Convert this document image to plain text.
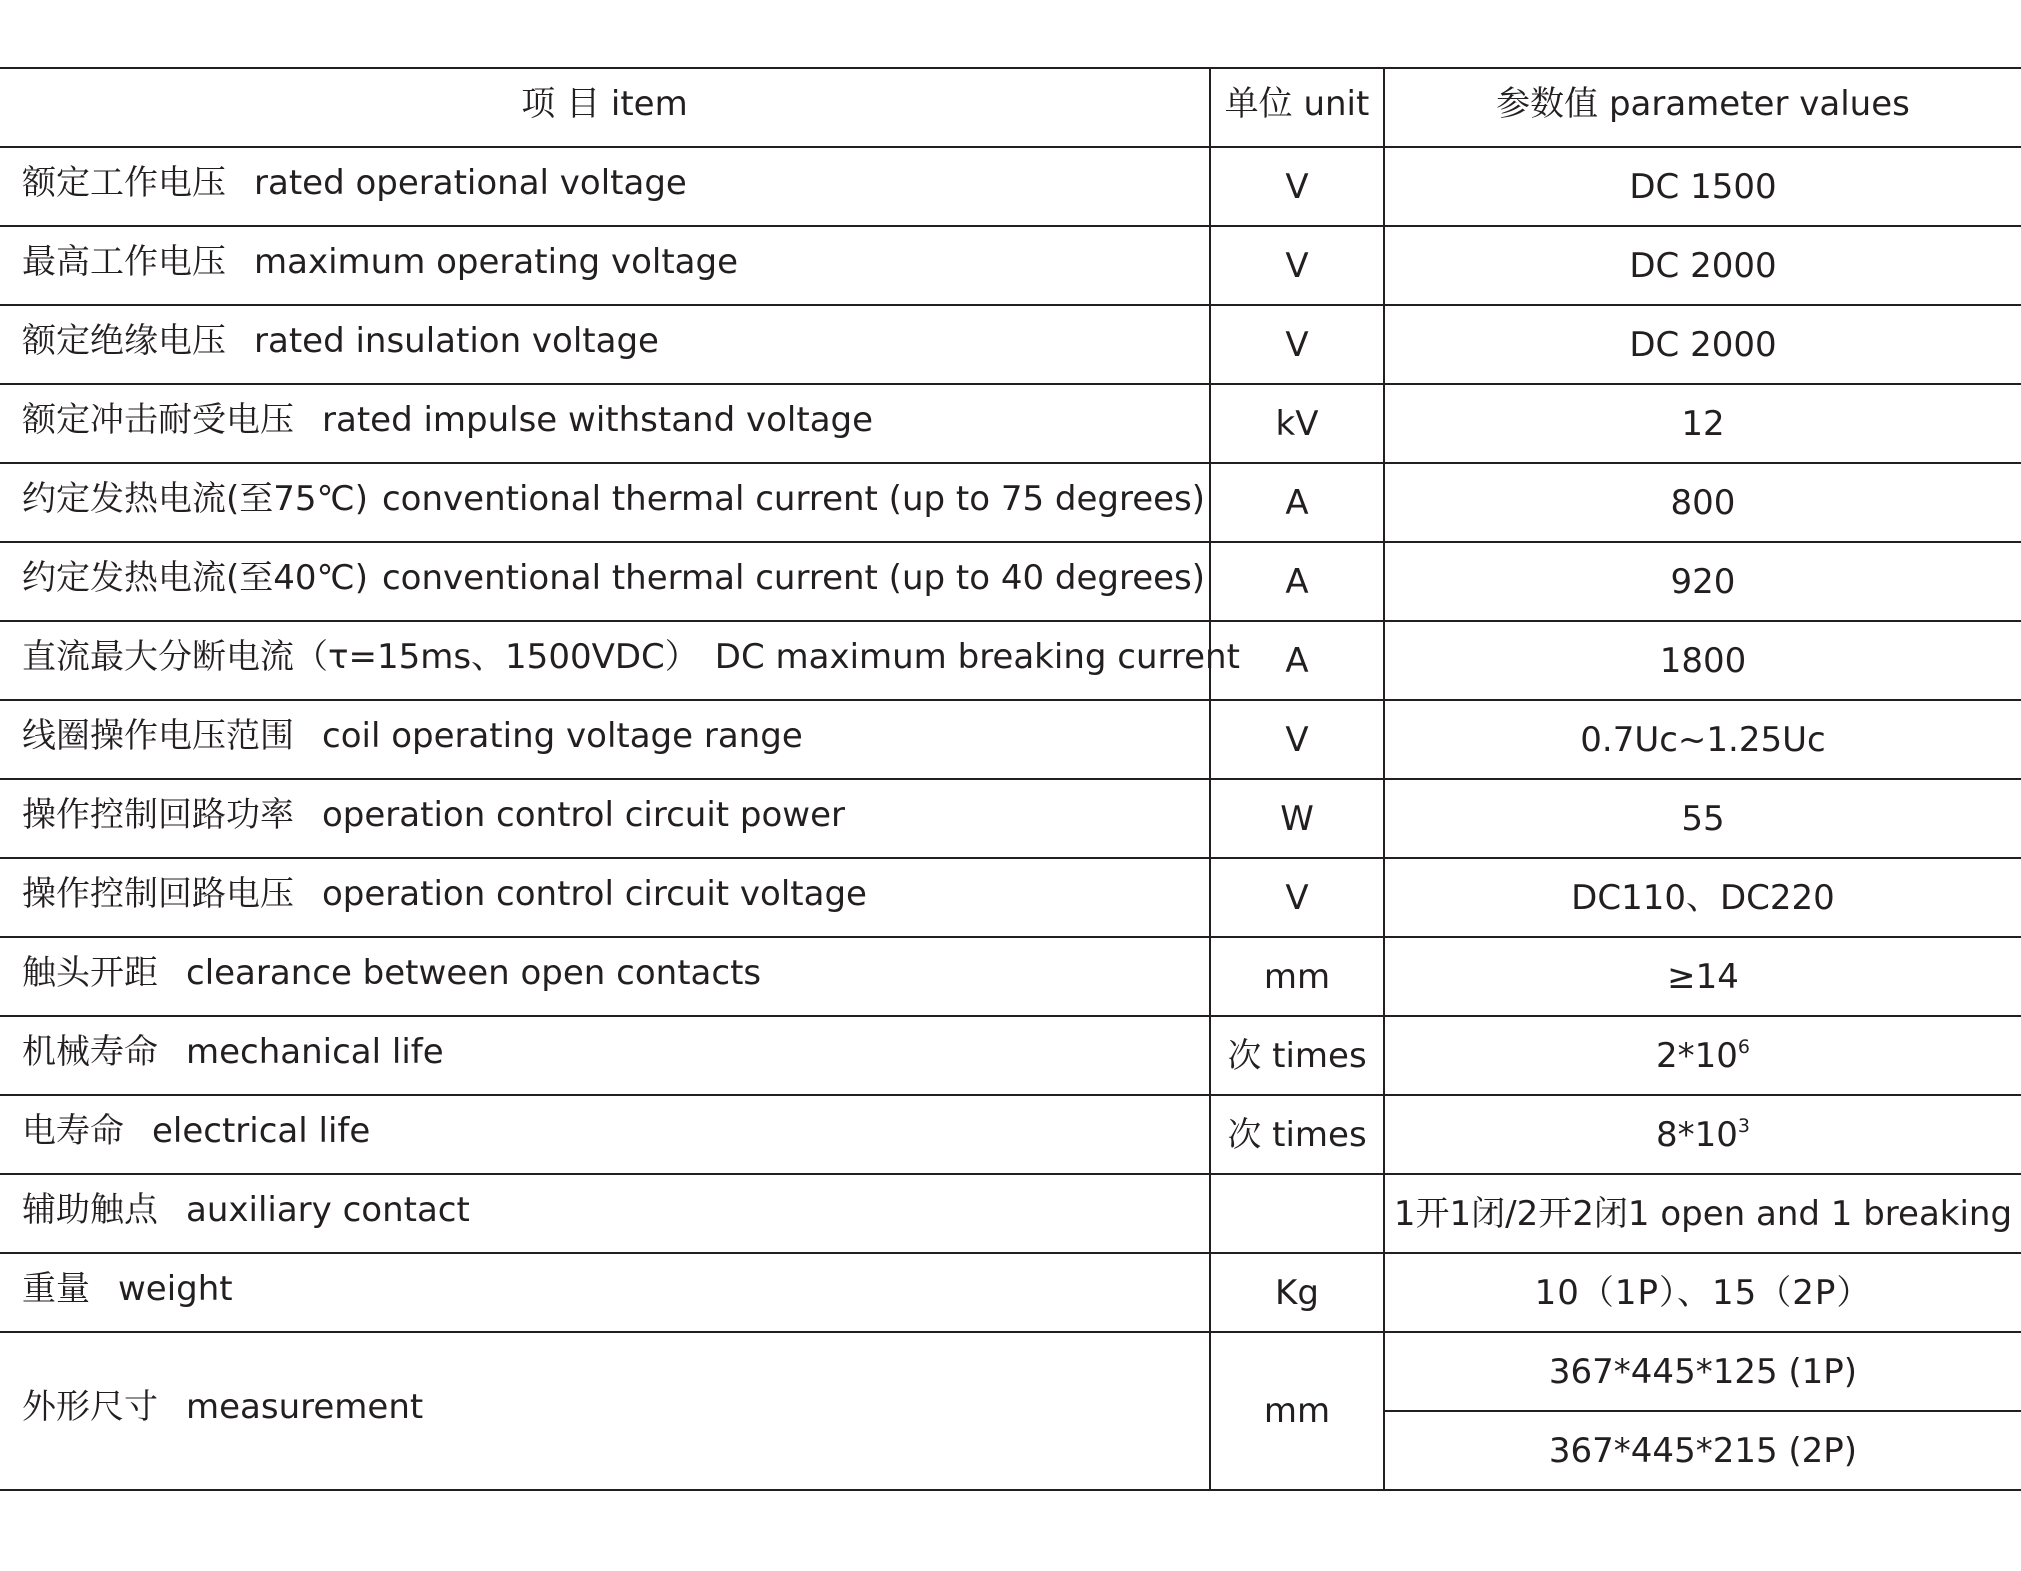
项 目 item	单位 unit	参数值 parameter values
额定工作电压 rated operational voltage	V	DC 1500
最高工作电压 maximum operating voltage	V	DC 2000
额定绝缘电压 rated insulation voltage	V	DC 2000
额定冲击耐受电压 rated impulse withstand voltage	kV	12
约定发热电流(至75℃) conventional thermal current (up to 75 degrees)	A	800
约定发热电流(至40℃) conventional thermal current (up to 40 degrees)	A	920
直流最大分断电流（τ=15ms、1500VDC） DC maximum breaking current	A	1800
线圈操作电压范围 coil operating voltage range	V	0.7Uc~1.25Uc
操作控制回路功率 operation control circuit power	W	55
操作控制回路电压 operation control circuit voltage	V	DC110、DC220
触头开距 clearance between open contacts	mm	≥14
机械寿命 mechanical life	次 times	$2*10^6$
电寿命 electrical life	次 times	$8*10^3$
辅助触点 auxiliary contact		1开1闭/2开2闭1 open and 1 breaking
重量 weight	Kg	10（1P）、15（2P）
外形尺寸 measurement	mm	367*445*125 (1P)
		367*445*215 (2P)
